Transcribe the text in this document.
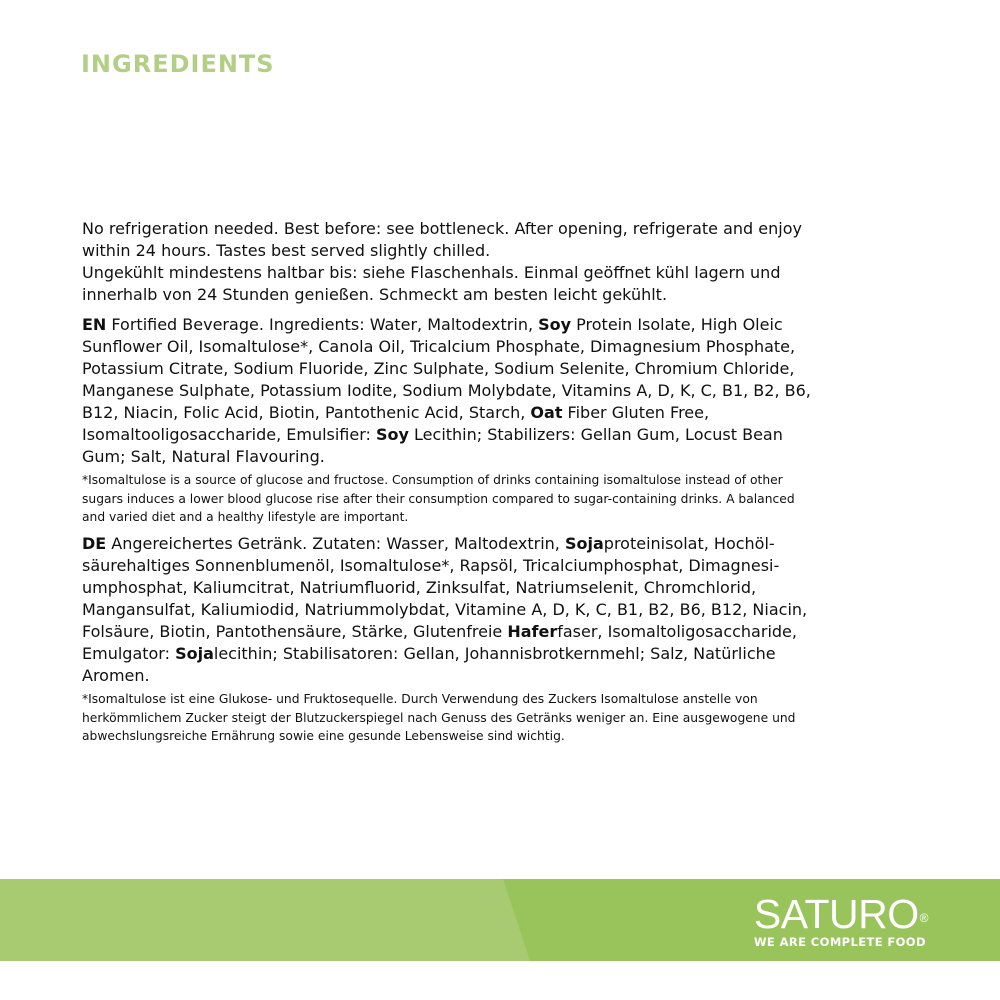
INGREDIENTS

No refrigeration needed. Best before: see bottleneck. After opening, refrigerate and enjoy within 24 hours. Tastes best served slightly chilled.

Ungekühlt mindestens haltbar bis: siehe Flaschenhals. Einmal geöffnet kühl lagern und innerhalb von 24 Stunden genießen. Schmeckt am besten leicht gekühlt.

EN Fortified Beverage. Ingredients: Water, Maltodextrin, Soy Protein Isolate, High Oleic Sunflower Oil, Isomaltulose*, Canola Oil, Tricalcium Phosphate, Dimagnesium Phosphate, Potassium Citrate, Sodium Fluoride, Zinc Sulphate, Sodium Selenite, Chromium Chloride, Manganese Sulphate, Potassium Iodite, Sodium Molybdate, Vitamins A, D, K, C, B1, B2, B6, B12, Niacin, Folic Acid, Biotin, Pantothenic Acid, Starch, Oat Fiber Gluten Free, Isomaltooligosaccharide, Emulsifier: Soy Lecithin; Stabilizers: Gellan Gum, Locust Bean Gum; Salt, Natural Flavouring.

*Isomaltulose is a source of glucose and fructose. Consumption of drinks containing isomaltulose instead of other sugars induces a lower blood glucose rise after their consumption compared to sugar-containing drinks. A balanced and varied diet and a healthy lifestyle are important.

DE Angereichertes Getränk. Zutaten: Wasser, Maltodextrin, Sojaproteinisolat, Hochölsäurehaltiges Sonnenblumenöl, Isomaltulose*, Rapsöl, Tricalciumphosphat, Dimagnesiumphosphat, Kaliumcitrat, Natriumfluorid, Zinksulfat, Natriumselenit, Chromchlorid, Mangansulfat, Kaliumiodid, Natriummolybdat, Vitamine A, D, K, C, B1, B2, B6, B12, Niacin, Folsäure, Biotin, Pantothensäure, Stärke, Glutenfreie Haferfaser, Isomaltoligosaccharide, Emulgator: Sojalecithin; Stabilisatoren: Gellan, Johannisbrotkernmehl; Salz, Natürliche Aromen.

*Isomaltulose ist eine Glukose- und Fruktosequelle. Durch Verwendung des Zuckers Isomaltulose anstelle von herkömmlichem Zucker steigt der Blutzuckerspiegel nach Genuss des Getränks weniger an. Eine ausgewogene und abwechslungsreiche Ernährung sowie eine gesunde Lebensweise sind wichtig.

SATURO®
WE ARE COMPLETE FOOD
